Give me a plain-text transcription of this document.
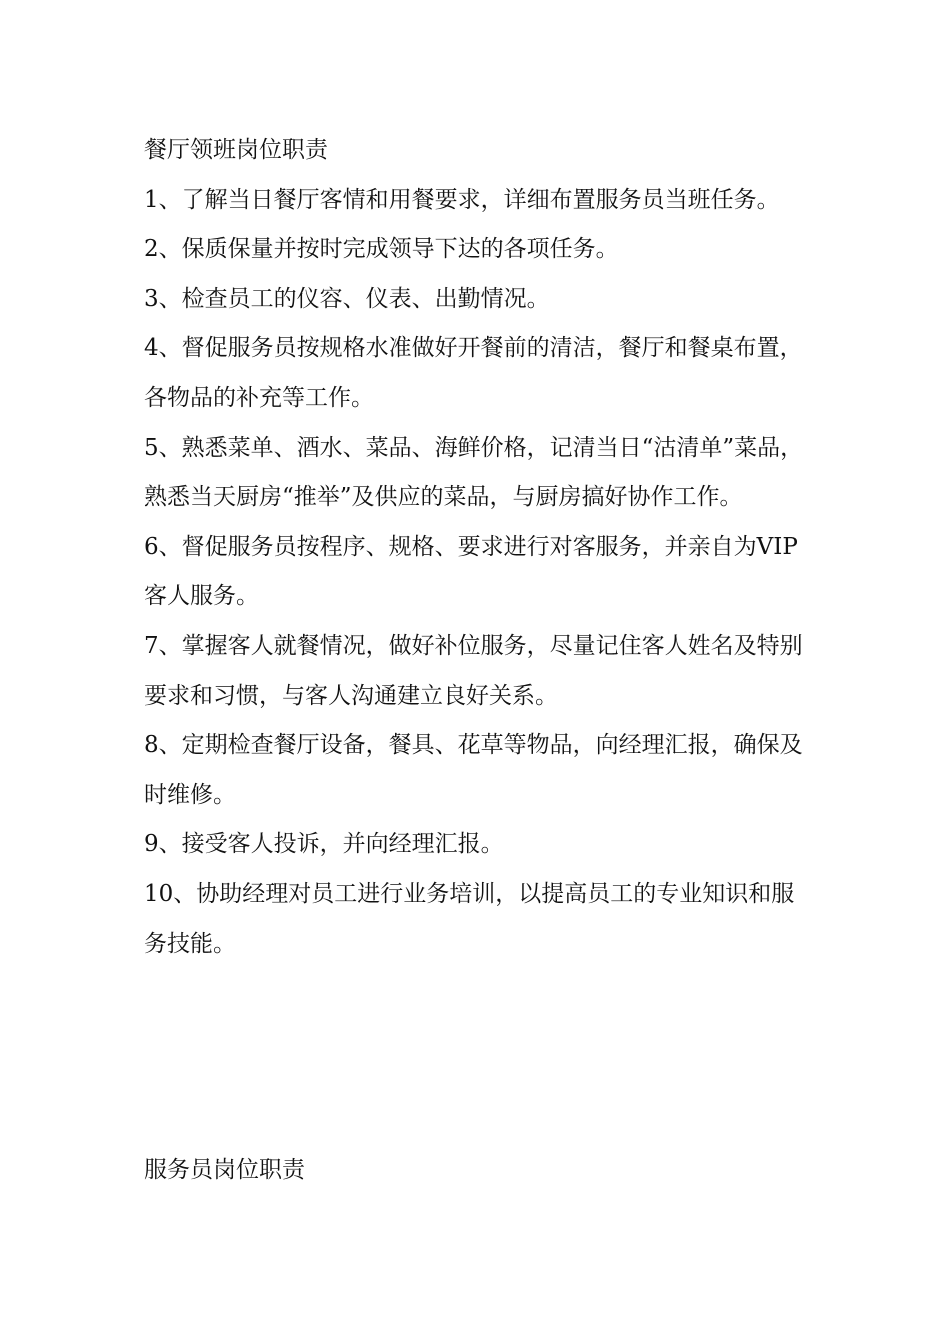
餐厅领班岗位职责
1、了解当日餐厅客情和用餐要求，详细布置服务员当班任务。
2、保质保量并按时完成领导下达的各项任务。
3、检查员工的仪容、仪表、出勤情况。
4、督促服务员按规格水准做好开餐前的清洁，餐厅和餐桌布置，各物品的补充等工作。
5、熟悉菜单、酒水、菜品、海鲜价格，记清当日“沽清单”菜品，熟悉当天厨房“推举”及供应的菜品，与厨房搞好协作工作。
6、督促服务员按程序、规格、要求进行对客服务，并亲自为VIP客人服务。
7、掌握客人就餐情况，做好补位服务，尽量记住客人姓名及特别要求和习惯，与客人沟通建立良好关系。
8、定期检查餐厅设备，餐具、花草等物品，向经理汇报，确保及时维修。
9、接受客人投诉，并向经理汇报。
10、协助经理对员工进行业务培训，以提高员工的专业知识和服务技能。
服务员岗位职责
